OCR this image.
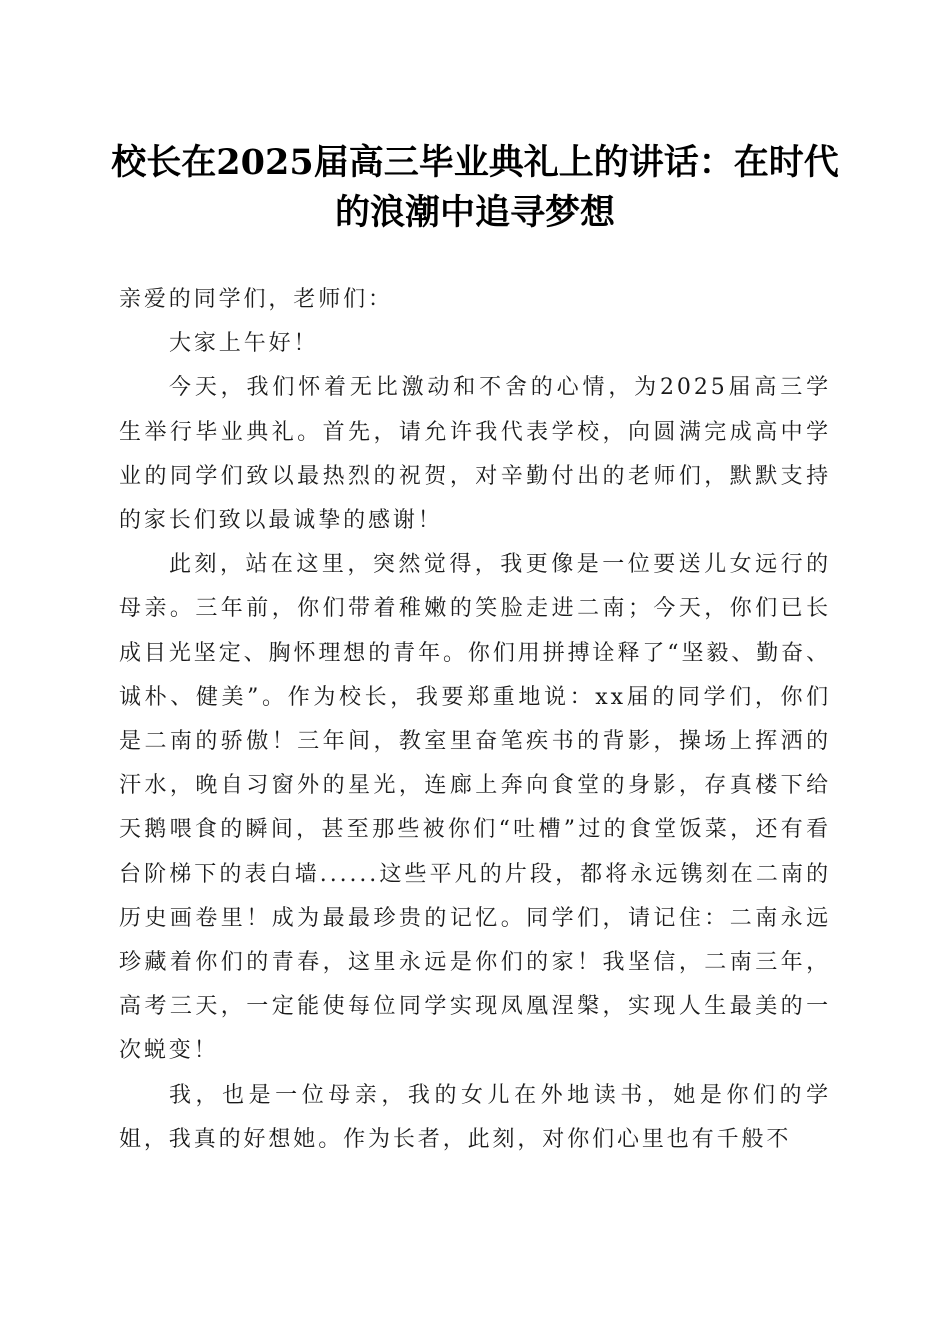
校长在2025届高三毕业典礼上的讲话：在时代的浪潮中追寻梦想

亲爱的同学们，老师们：

大家上午好！

今天，我们怀着无比激动和不舍的心情，为2025届高三学生举行毕业典礼。首先，请允许我代表学校，向圆满完成高中学业的同学们致以最热烈的祝贺，对辛勤付出的老师们，默默支持的家长们致以最诚挚的感谢！

此刻，站在这里，突然觉得，我更像是一位要送儿女远行的母亲。三年前，你们带着稚嫩的笑脸走进二南；今天，你们已长成目光坚定、胸怀理想的青年。你们用拼搏诠释了“坚毅、勤奋、诚朴、健美”。作为校长，我要郑重地说：xx届的同学们，你们是二南的骄傲！三年间，教室里奋笔疾书的背影，操场上挥洒的汗水，晚自习窗外的星光，连廊上奔向食堂的身影，存真楼下给天鹅喂食的瞬间，甚至那些被你们“吐槽”过的食堂饭菜，还有看台阶梯下的表白墙......这些平凡的片段，都将永远镌刻在二南的历史画卷里！成为最最珍贵的记忆。同学们，请记住：二南永远珍藏着你们的青春，这里永远是你们的家！我坚信，二南三年，高考三天，一定能使每位同学实现凤凰涅槃，实现人生最美的一次蜕变！

我，也是一位母亲，我的女儿在外地读书，她是你们的学姐，我真的好想她。作为长者，此刻，对你们心里也有千般不
